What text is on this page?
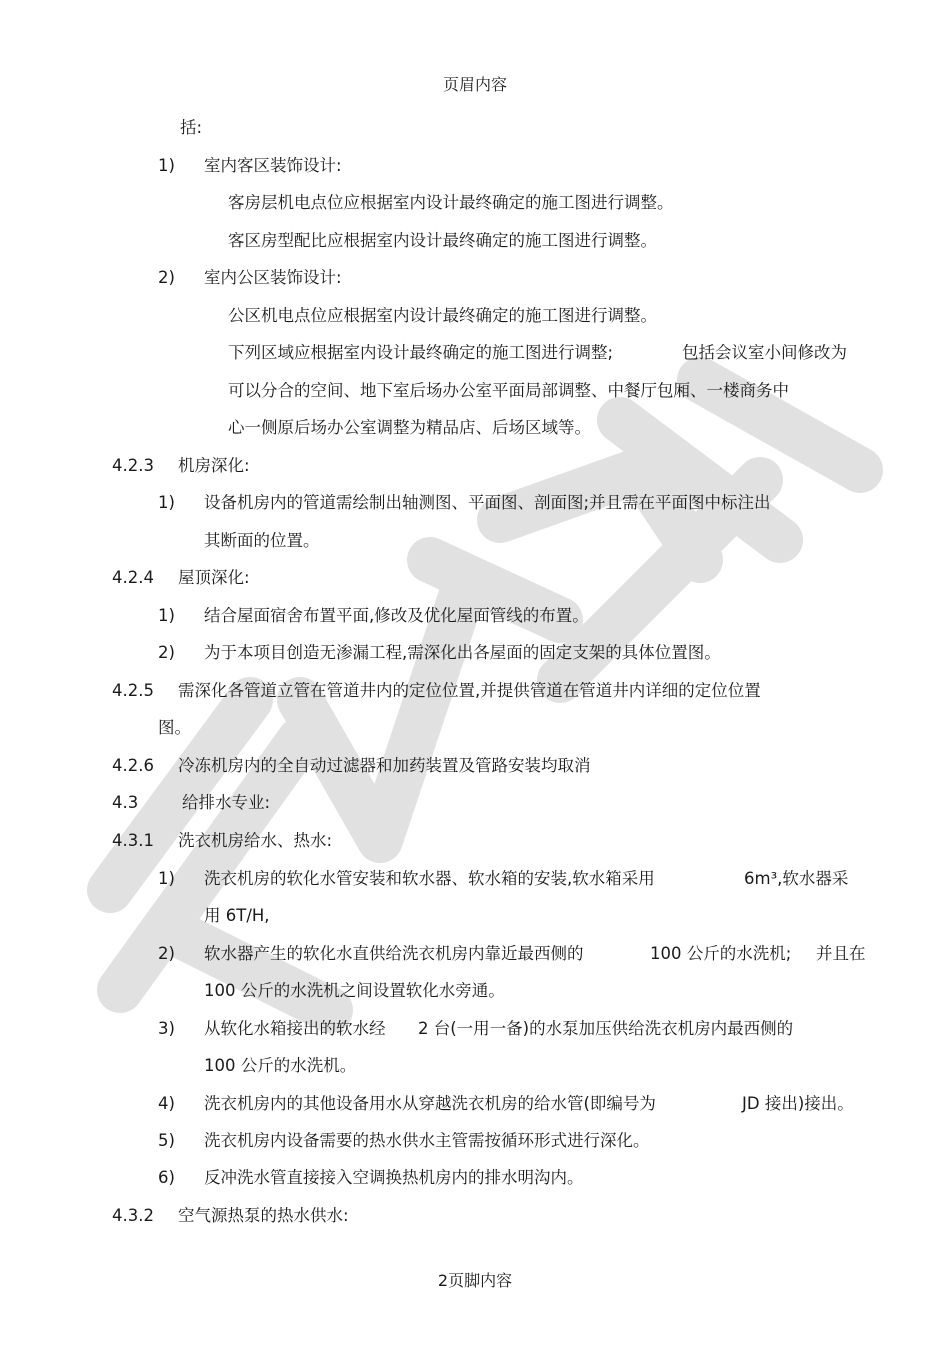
页眉内容
括:
1) 室内客区装饰设计:
客房层机电点位应根据室内设计最终确定的施工图进行调整。
客区房型配比应根据室内设计最终确定的施工图进行调整。
2) 室内公区装饰设计:
公区机电点位应根据室内设计最终确定的施工图进行调整。
下列区域应根据室内设计最终确定的施工图进行调整;	包括会议室小间修改为
可以分合的空间、地下室后场办公室平面局部调整、中餐厅包厢、一楼商务中
心一侧原后场办公室调整为精品店、后场区域等。
4.2.3 机房深化:
1) 设备机房内的管道需绘制出轴测图、平面图、剖面图;并且需在平面图中标注出
其断面的位置。
4.2.4 屋顶深化:
1) 结合屋面宿舍布置平面,修改及优化屋面管线的布置。
2) 为于本项目创造无渗漏工程,需深化出各屋面的固定支架的具体位置图。
4.2.5 需深化各管道立管在管道井内的定位位置,并提供管道在管道井内详细的定位位置
图。
4.2.6 冷冻机房内的全自动过滤器和加药装置及管路安装均取消
4.3	给排水专业:
4.3.1 洗衣机房给水、热水:
1) 洗衣机房的软化水管安装和软水器、软水箱的安装,软水箱采用	6m³,软水器采
用 6T/H,
2) 软水器产生的软化水直供给洗衣机房内靠近最西侧的	100 公斤的水洗机; 并且在
100 公斤的水洗机之间设置软化水旁通。
3) 从软化水箱接出的软水经 2 台(一用一备)的水泵加压供给洗衣机房内最西侧的
100 公斤的水洗机。
4) 洗衣机房内的其他设备用水从穿越洗衣机房的给水管(即编号为	JD 接出)接出。
5) 洗衣机房内设备需要的热水供水主管需按循环形式进行深化。
6) 反冲洗水管直接接入空调换热机房内的排水明沟内。
4.3.2 空气源热泵的热水供水:
2页脚内容
